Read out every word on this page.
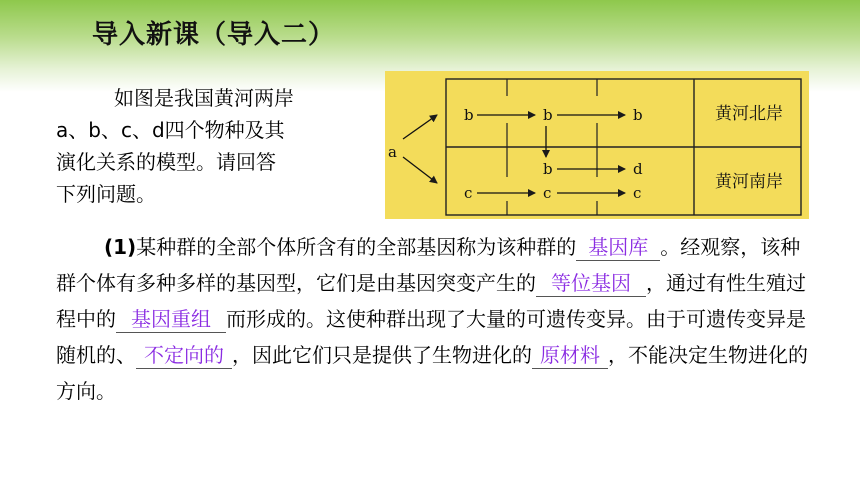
导入新课（导入二）
如图是我国黄河两岸
a、b、c、d四个物种及其
演化关系的模型。请回答
下列问题。
a
b	b	b
b	d
c	c	c
黄河北岸
黄河南岸
(1)某种群的全部个体所含有的全部基因称为该种群的 基因库 。经观察，该种群个体有多种多样的基因型，它们是由基因突变产生的 等位基因 ，通过有性生殖过程中的 基因重组 而形成的。这使种群出现了大量的可遗传变异。由于可遗传变异是随机的、 不定向的 ，因此它们只是提供了生物进化的 原材料 ，不能决定生物进化的方向。
